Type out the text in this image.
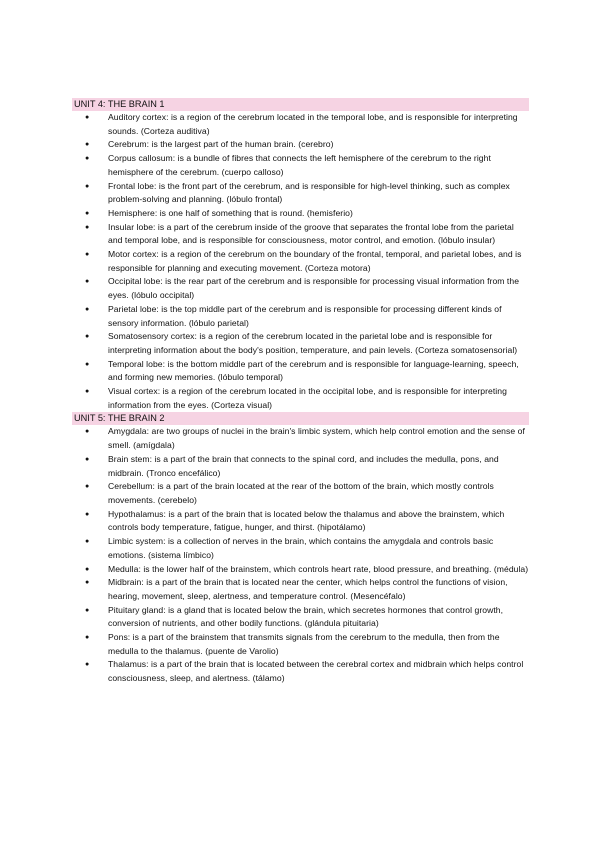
UNIT 4: THE BRAIN 1
● Auditory cortex: is a region of the cerebrum located in the temporal lobe, and is responsible for interpreting sounds. (Corteza auditiva)
● Cerebrum: is the largest part of the human brain. (cerebro)
● Corpus callosum: is a bundle of fibres that connects the left hemisphere of the cerebrum to the right hemisphere of the cerebrum. (cuerpo calloso)
● Frontal lobe: is the front part of the cerebrum, and is responsible for high-level thinking, such as complex problem-solving and planning. (lóbulo frontal)
● Hemisphere: is one half of something that is round. (hemisferio)
● Insular lobe: is a part of the cerebrum inside of the groove that separates the frontal lobe from the parietal and temporal lobe, and is responsible for consciousness, motor control, and emotion. (lóbulo insular)
● Motor cortex: is a region of the cerebrum on the boundary of the frontal, temporal, and parietal lobes, and is responsible for planning and executing movement. (Corteza motora)
● Occipital lobe: is the rear part of the cerebrum and is responsible for processing visual information from the eyes. (lóbulo occipital)
● Parietal lobe: is the top middle part of the cerebrum and is responsible for processing different kinds of sensory information. (lóbulo parietal)
● Somatosensory cortex: is a region of the cerebrum located in the parietal lobe and is responsible for interpreting information about the body's position, temperature, and pain levels. (Corteza somatosensorial)
● Temporal lobe: is the bottom middle part of the cerebrum and is responsible for language-learning, speech, and forming new memories. (lóbulo temporal)
● Visual cortex: is a region of the cerebrum located in the occipital lobe, and is responsible for interpreting information from the eyes. (Corteza visual)
UNIT 5: THE BRAIN 2
● Amygdala: are two groups of nuclei in the brain's limbic system, which help control emotion and the sense of smell. (amígdala)
● Brain stem: is a part of the brain that connects to the spinal cord, and includes the medulla, pons, and midbrain. (Tronco encefálico)
● Cerebellum: is a part of the brain located at the rear of the bottom of the brain, which mostly controls movements. (cerebelo)
● Hypothalamus: is a part of the brain that is located below the thalamus and above the brainstem, which controls body temperature, fatigue, hunger, and thirst. (hipotálamo)
● Limbic system: is a collection of nerves in the brain, which contains the amygdala and controls basic emotions. (sistema límbico)
● Medulla: is the lower half of the brainstem, which controls heart rate, blood pressure, and breathing. (médula)
● Midbrain: is a part of the brain that is located near the center, which helps control the functions of vision, hearing, movement, sleep, alertness, and temperature control. (Mesencéfalo)
● Pituitary gland: is a gland that is located below the brain, which secretes hormones that control growth, conversion of nutrients, and other bodily functions. (glándula pituitaria)
● Pons: is a part of the brainstem that transmits signals from the cerebrum to the medulla, then from the medulla to the thalamus. (puente de Varolio)
● Thalamus: is a part of the brain that is located between the cerebral cortex and midbrain which helps control consciousness, sleep, and alertness. (tálamo)
